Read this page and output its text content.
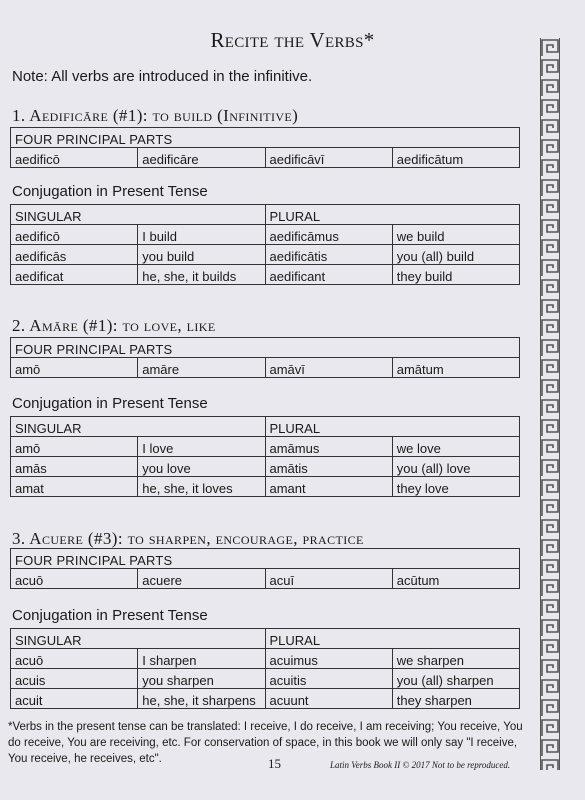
Recite the Verbs*
Note: All verbs are introduced in the infinitive.
1. Aedificāre (#1): to build (Infinitive)
FOUR PRINCIPAL PARTS
aedificō	aedificāre	aedificāvī	aedificātum
Conjugation in Present Tense
SINGULAR		PLURAL	
aedificō	I build	aedificāmus	we build
aedificās	you build	aedificātis	you (all) build
aedificat	he, she, it builds	aedificant	they build
2. Amāre (#1): to love, like
FOUR PRINCIPAL PARTS
amō	amāre	amāvī	amātum
Conjugation in Present Tense
SINGULAR		PLURAL	
amō	I love	amāmus	we love
amās	you love	amātis	you (all) love
amat	he, she, it loves	amant	they love
3. Acuere (#3): to sharpen, encourage, practice
FOUR PRINCIPAL PARTS
acuō	acuere	acuī	acūtum
Conjugation in Present Tense
SINGULAR		PLURAL	
acuō	I sharpen	acuimus	we sharpen
acuis	you sharpen	acuitis	you (all) sharpen
acuit	he, she, it sharpens	acuunt	they sharpen
*Verbs in the present tense can be translated: I receive, I do receive, I am receiving; You receive, You do receive, You are receiving, etc. For conservation of space, in this book we will only say "I receive, You receive, he receives, etc".	15	Latin Verbs Book II © 2017 Not to be reproduced.
